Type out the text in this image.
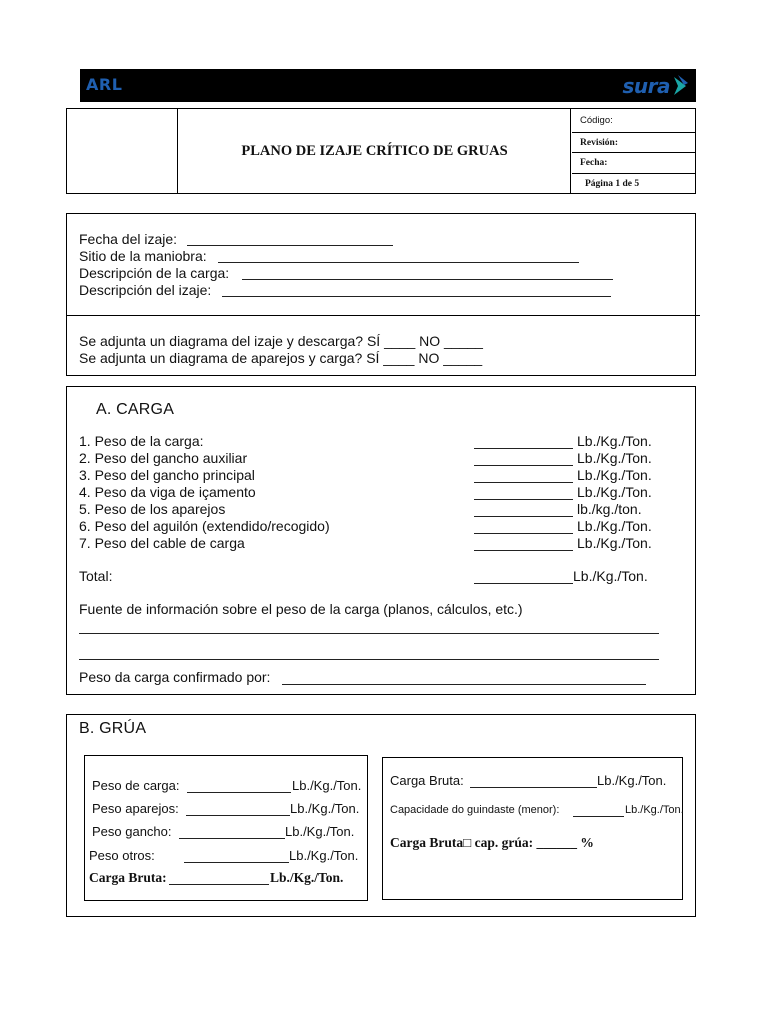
ARL	sura
PLANO DE IZAJE CRÍTICO DE GRUAS
Código:
Revisión:
Fecha:
Página 1 de 5
Fecha del izaje:
Sitio de la maniobra:
Descripción de la carga:
Descripción del izaje:
Se adjunta un diagrama del izaje y descarga? SÍ ____ NO _____
Se adjunta un diagrama de aparejos y carga? SÍ ____ NO _____
A. CARGA
1. Peso de la carga:	Lb./Kg./Ton.
2. Peso del gancho auxiliar	Lb./Kg./Ton.
3. Peso del gancho principal	Lb./Kg./Ton.
4. Peso da viga de içamento	Lb./Kg./Ton.
5. Peso de los aparejos	lb./kg./ton.
6. Peso del aguilón (extendido/recogido)	Lb./Kg./Ton.
7. Peso del cable de carga	Lb./Kg./Ton.
Total:	Lb./Kg./Ton.
Fuente de información sobre el peso de la carga (planos, cálculos, etc.)
Peso da carga confirmado por:
B. GRÚA
Peso de carga:	Lb./Kg./Ton.
Peso aparejos:	Lb./Kg./Ton.
Peso gancho:	Lb./Kg./Ton.
Peso otros:	Lb./Kg./Ton.
Carga Bruta:	Lb./Kg./Ton.
Carga Bruta:	Lb./Kg./Ton.
Capacidade do guindaste (menor):	Lb./Kg./Ton.
Carga Bruta□ cap. grúa: ______ %
